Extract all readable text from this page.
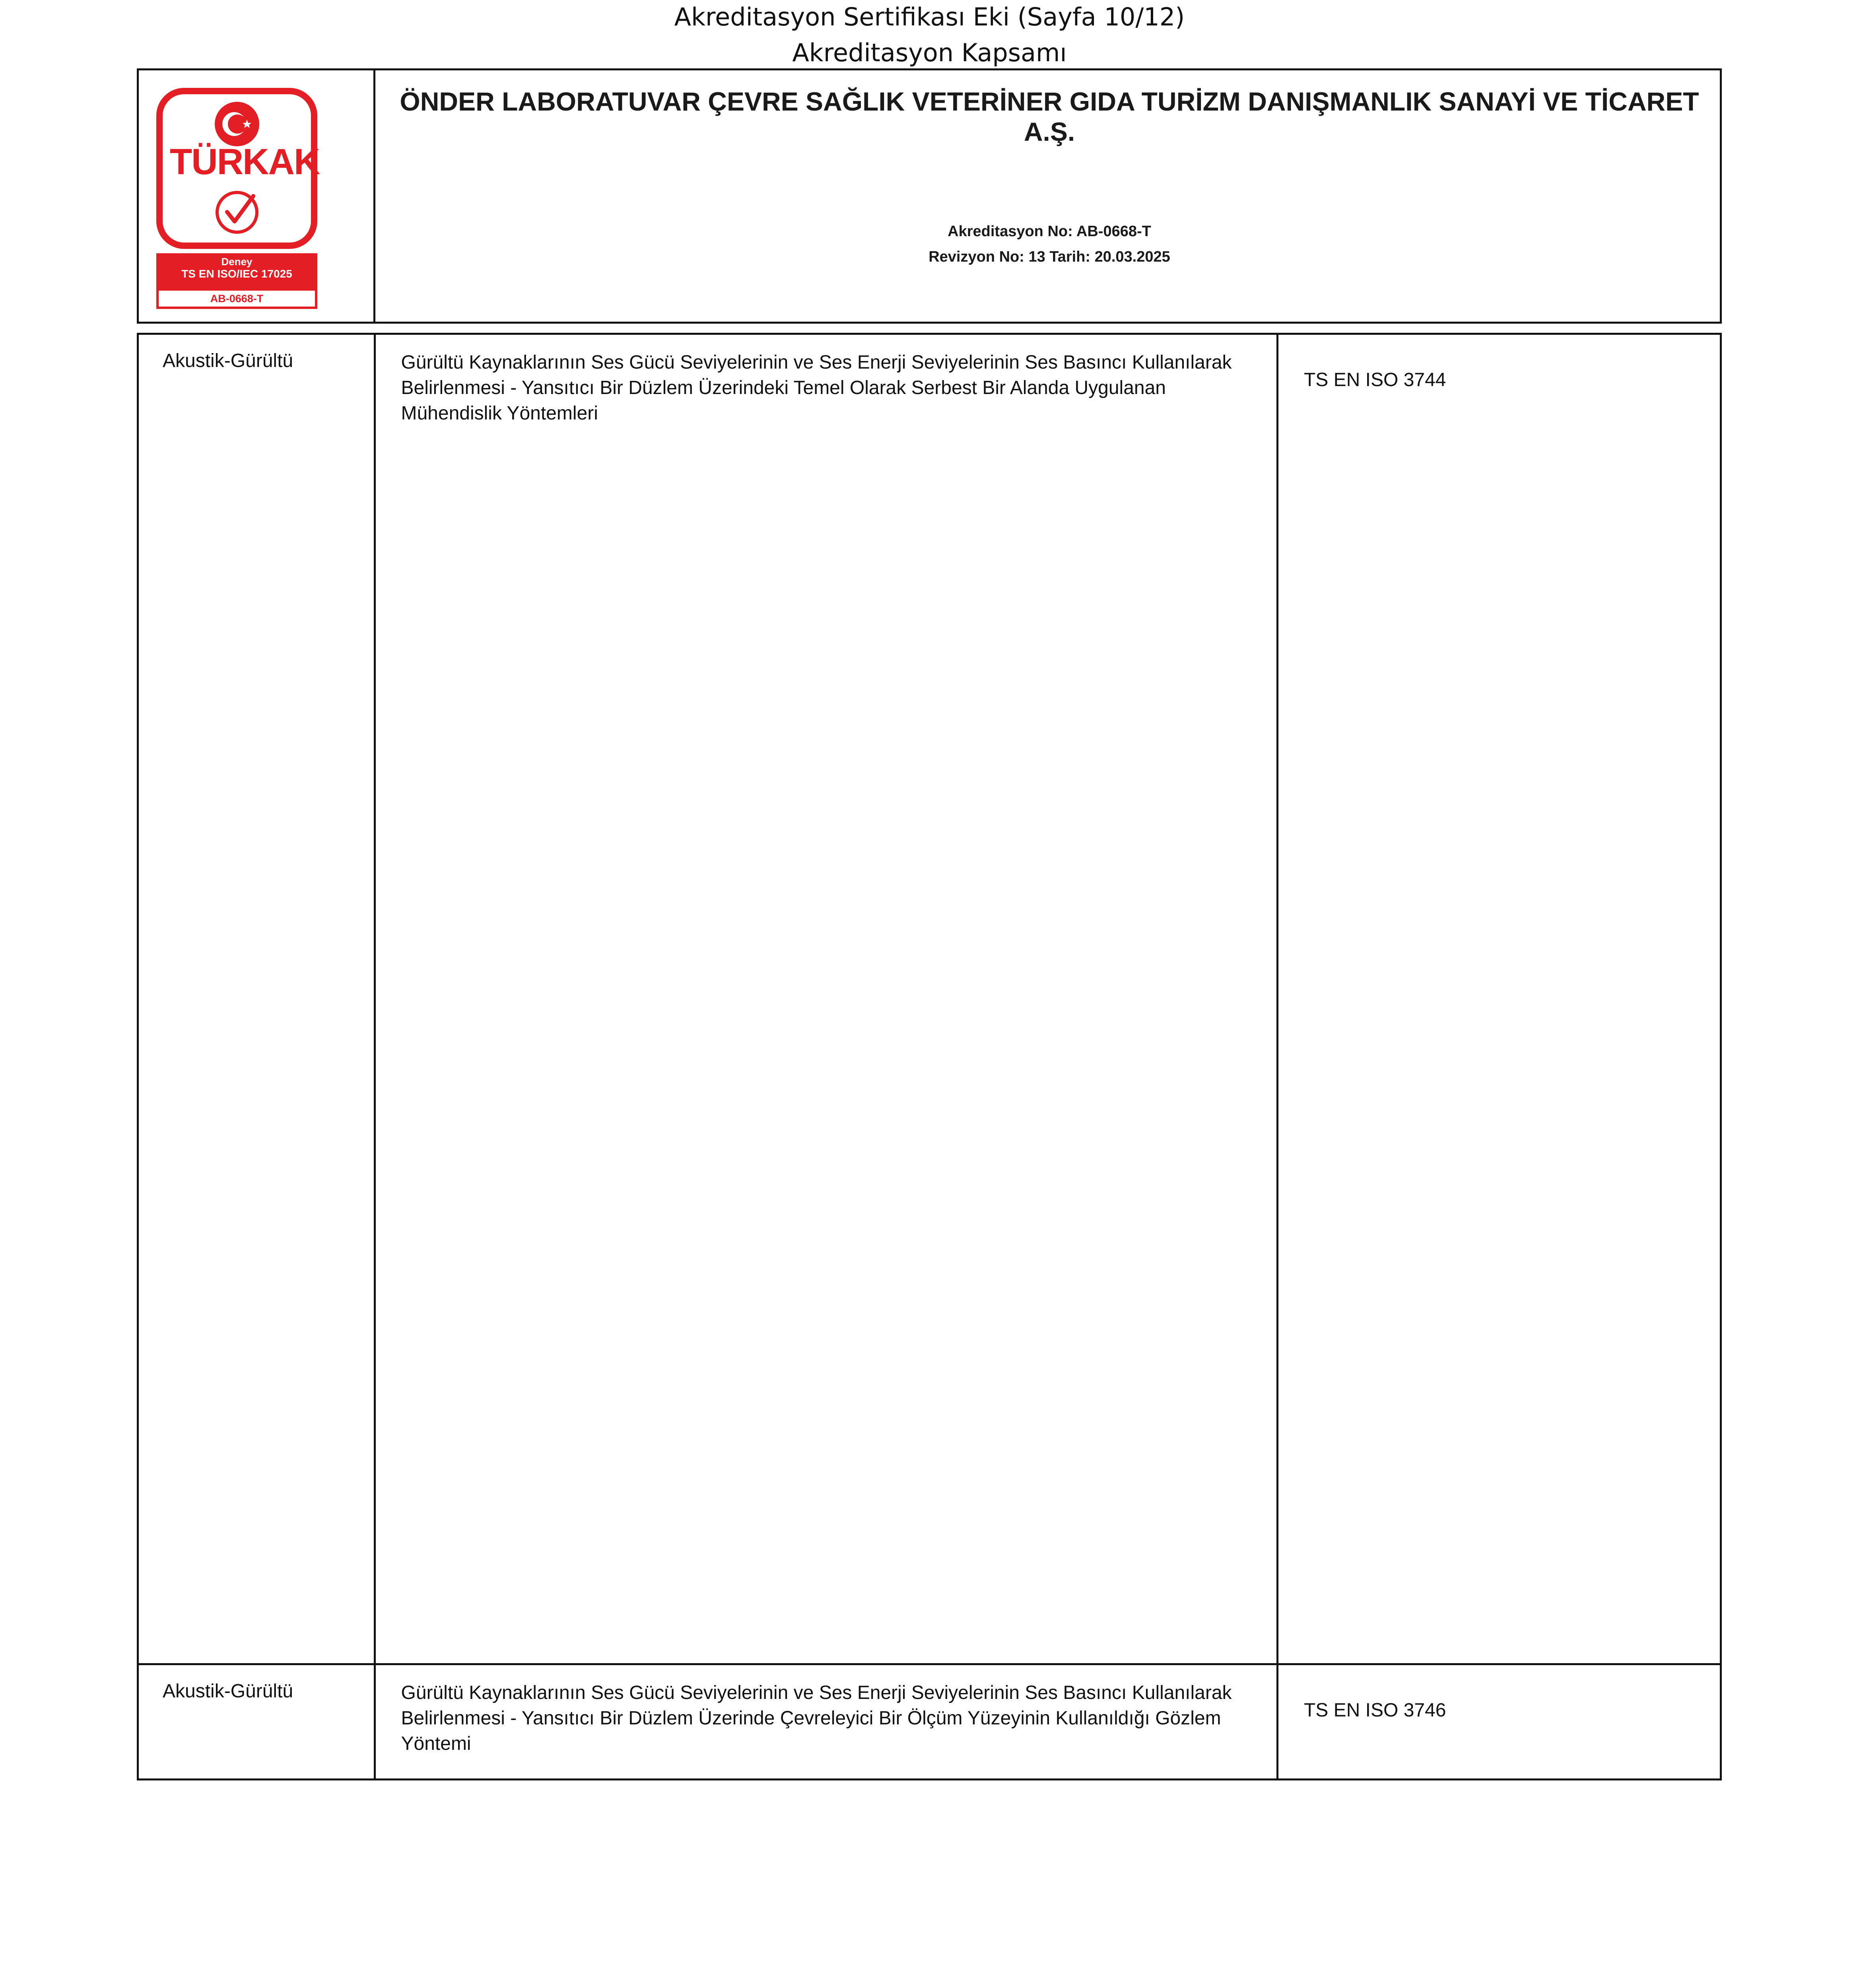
Akreditasyon Sertifikası Eki (Sayfa 10/12)
Akreditasyon Kapsamı
TÜRKAK
Deney
TS EN ISO/IEC 17025
AB-0668-T
ÖNDER LABORATUVAR ÇEVRE SAĞLIK VETERİNER GIDA TURİZM DANIŞMANLIK SANAYİ VE TİCARET A.Ş.
Akreditasyon No: AB-0668-T
Revizyon No: 13 Tarih: 20.03.2025
Akustik-Gürültü	Gürültü Kaynaklarının Ses Gücü Seviyelerinin ve Ses Enerji Seviyelerinin Ses Basıncı Kullanılarak Belirlenmesi - Yansıtıcı Bir Düzlem Üzerindeki Temel Olarak Serbest Bir Alanda Uygulanan Mühendislik Yöntemleri	TS EN ISO 3744
Akustik-Gürültü	Gürültü Kaynaklarının Ses Gücü Seviyelerinin ve Ses Enerji Seviyelerinin Ses Basıncı Kullanılarak Belirlenmesi - Yansıtıcı Bir Düzlem Üzerinde Çevreleyici Bir Ölçüm Yüzeyinin Kullanıldığı Gözlem Yöntemi	TS EN ISO 3746
